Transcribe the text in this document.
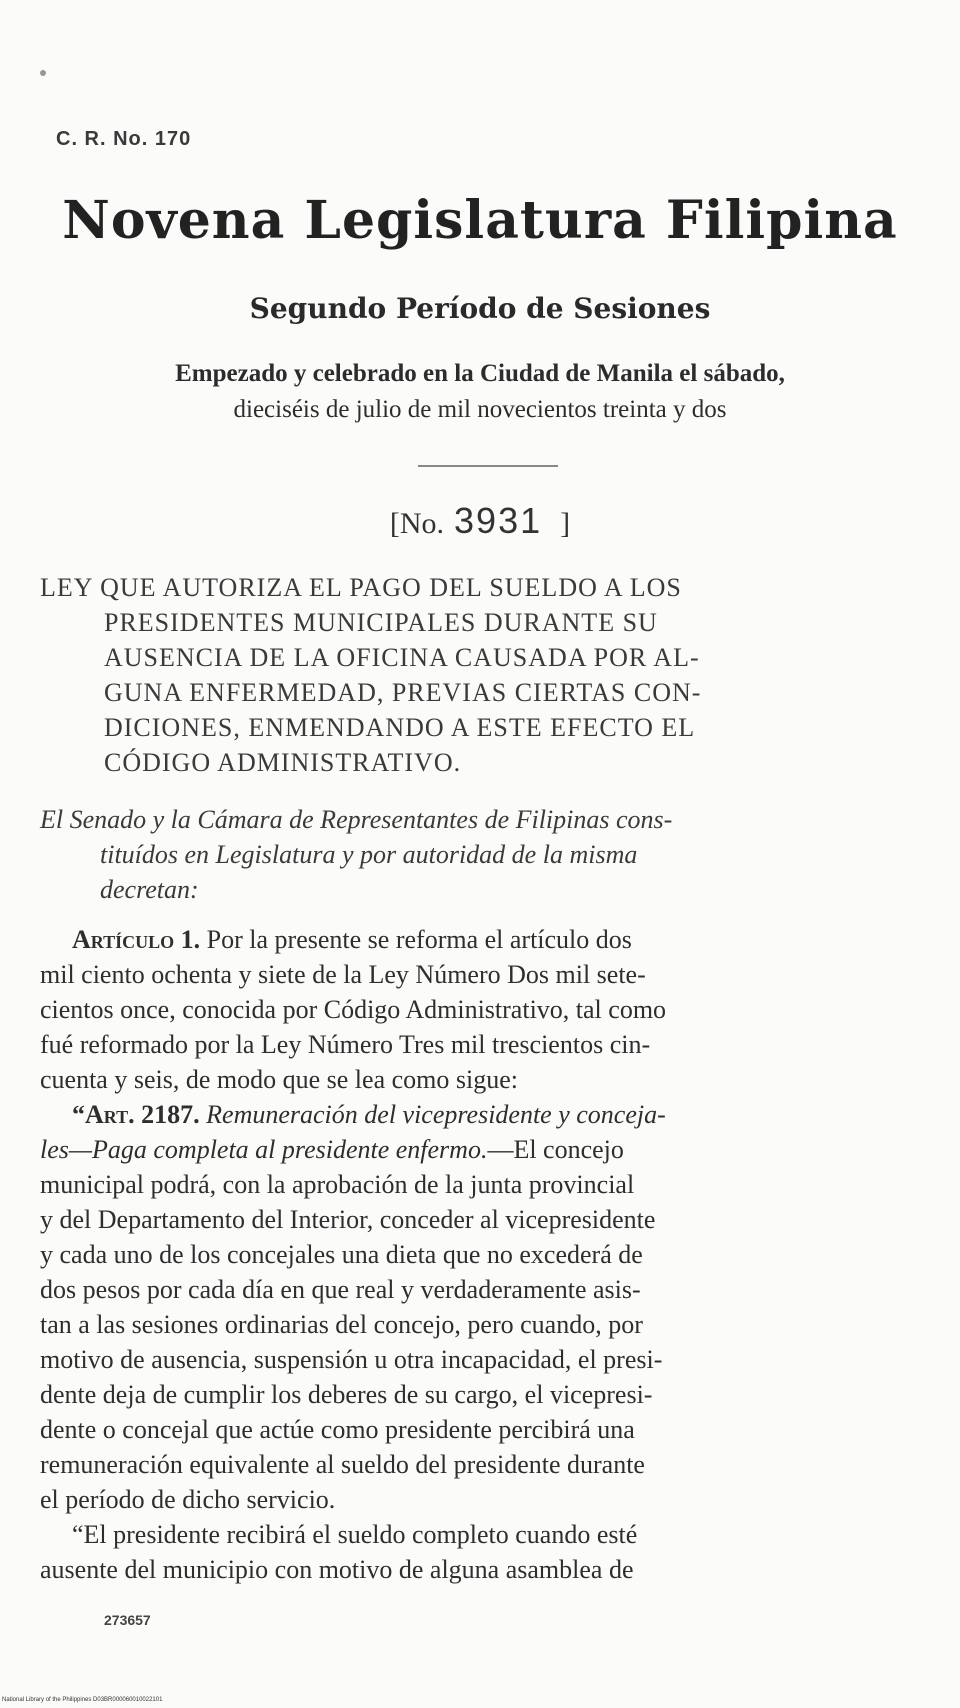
C. R. No. 170
Novena Legislatura Filipina
Segundo Período de Sesiones
Empezado y celebrado en la Ciudad de Manila el sábado,
dieciséis de julio de mil novecientos treinta y dos
[No. 3931 ]
LEY QUE AUTORIZA EL PAGO DEL SUELDO A LOS
PRESIDENTES MUNICIPALES DURANTE SU
AUSENCIA DE LA OFICINA CAUSADA POR AL-
GUNA ENFERMEDAD, PREVIAS CIERTAS CON-
DICIONES, ENMENDANDO A ESTE EFECTO EL
CÓDIGO ADMINISTRATIVO.
El Senado y la Cámara de Representantes de Filipinas cons-
tituídos en Legislatura y por autoridad de la misma
decretan:
Artículo 1. Por la presente se reforma el artículo dos
mil ciento ochenta y siete de la Ley Número Dos mil sete-
cientos once, conocida por Código Administrativo, tal como
fué reformado por la Ley Número Tres mil trescientos cin-
cuenta y seis, de modo que se lea como sigue:
“Art. 2187. Remuneración del vicepresidente y conceja-
les—Paga completa al presidente enfermo.—El concejo
municipal podrá, con la aprobación de la junta provincial
y del Departamento del Interior, conceder al vicepresidente
y cada uno de los concejales una dieta que no excederá de
dos pesos por cada día en que real y verdaderamente asis-
tan a las sesiones ordinarias del concejo, pero cuando, por
motivo de ausencia, suspensión u otra incapacidad, el presi-
dente deja de cumplir los deberes de su cargo, el vicepresi-
dente o concejal que actúe como presidente percibirá una
remuneración equivalente al sueldo del presidente durante
el período de dicho servicio.
“El presidente recibirá el sueldo completo cuando esté
ausente del municipio con motivo de alguna asamblea de
273657
National Library of the Philippines D03BR000060010022101
